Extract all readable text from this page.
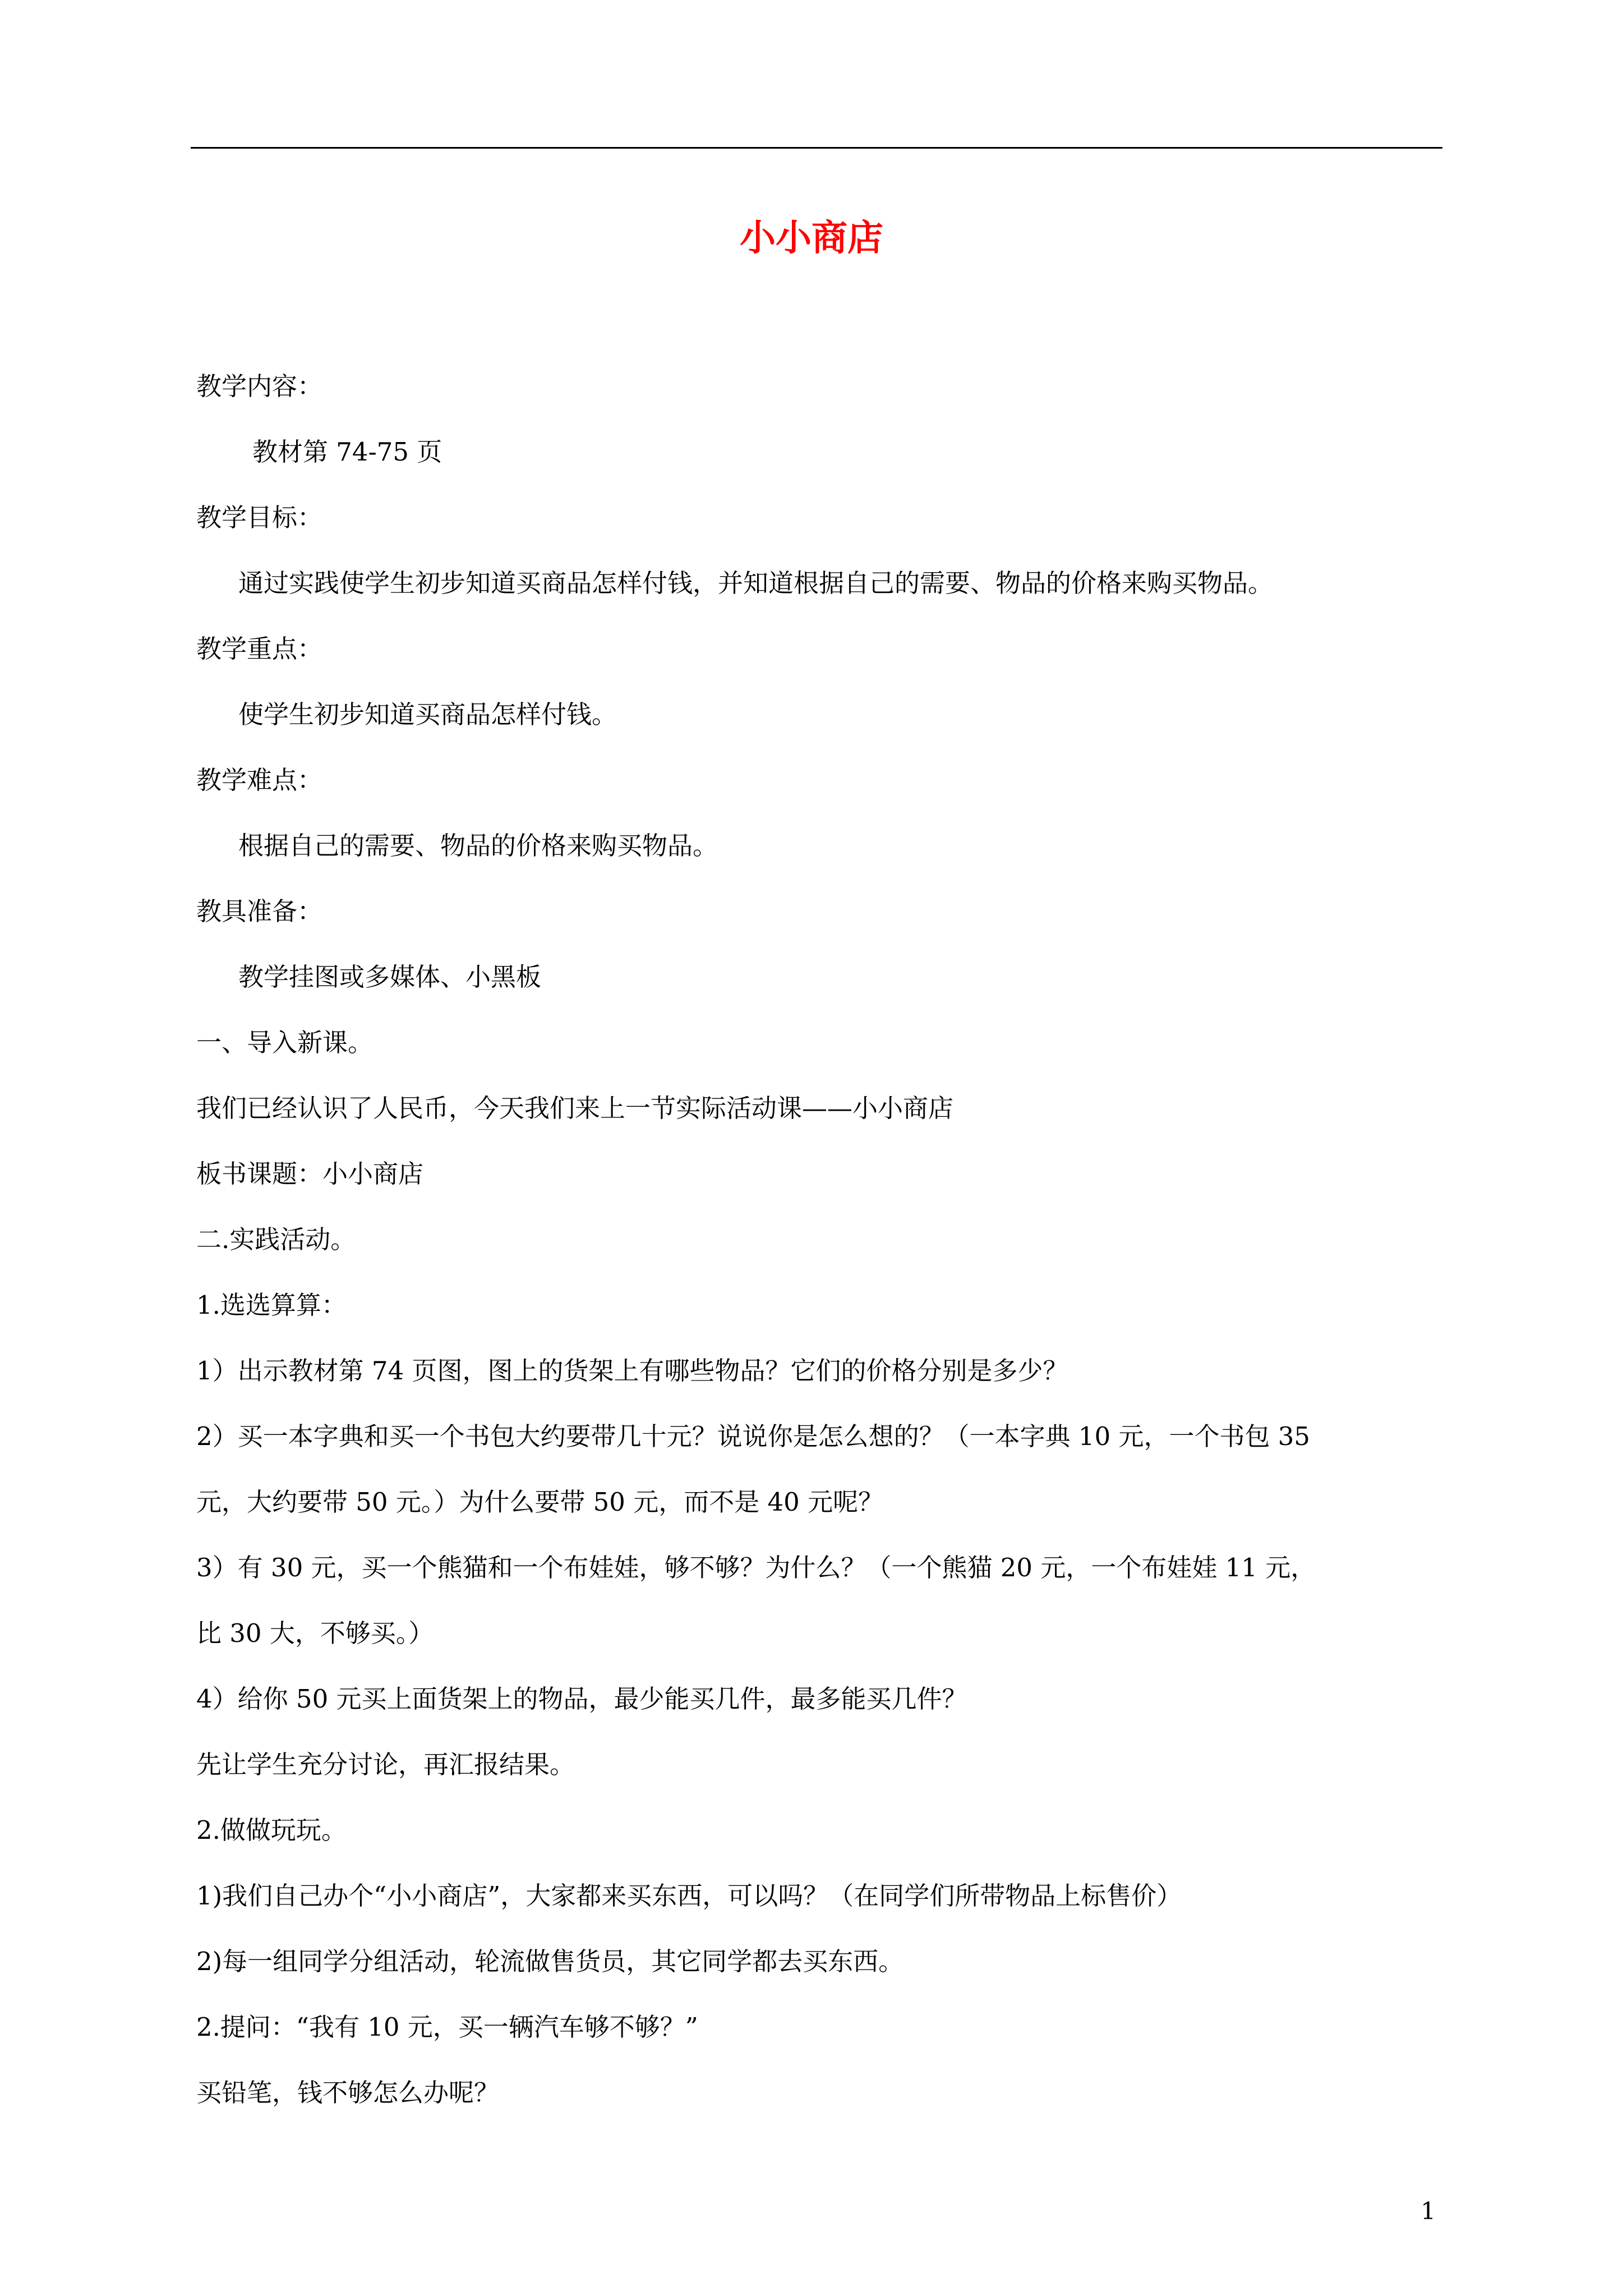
小小商店
教学内容：
教材第 74-75 页
教学目标：
通过实践使学生初步知道买商品怎样付钱，并知道根据自己的需要、物品的价格来购买物品。
教学重点：
使学生初步知道买商品怎样付钱。
教学难点：
根据自己的需要、物品的价格来购买物品。
教具准备：
教学挂图或多媒体、小黑板
一、导入新课。
我们已经认识了人民币，今天我们来上一节实际活动课——小小商店
板书课题：小小商店
二.实践活动。
1.选选算算：
1）出示教材第 74 页图，图上的货架上有哪些物品？它们的价格分别是多少？
2）买一本字典和买一个书包大约要带几十元？说说你是怎么想的？（一本字典 10 元，一个书包 35
元，大约要带 50 元。）为什么要带 50 元，而不是 40 元呢？
3）有 30 元，买一个熊猫和一个布娃娃，够不够？为什么？（一个熊猫 20 元，一个布娃娃 11 元，
比 30 大，不够买。）
4）给你 50 元买上面货架上的物品，最少能买几件，最多能买几件？
先让学生充分讨论，再汇报结果。
2.做做玩玩。
1)我们自己办个“小小商店”，大家都来买东西，可以吗？（在同学们所带物品上标售价）
2)每一组同学分组活动，轮流做售货员，其它同学都去买东西。
2.提问：“我有 10 元，买一辆汽车够不够？”
买铅笔，钱不够怎么办呢？
1
